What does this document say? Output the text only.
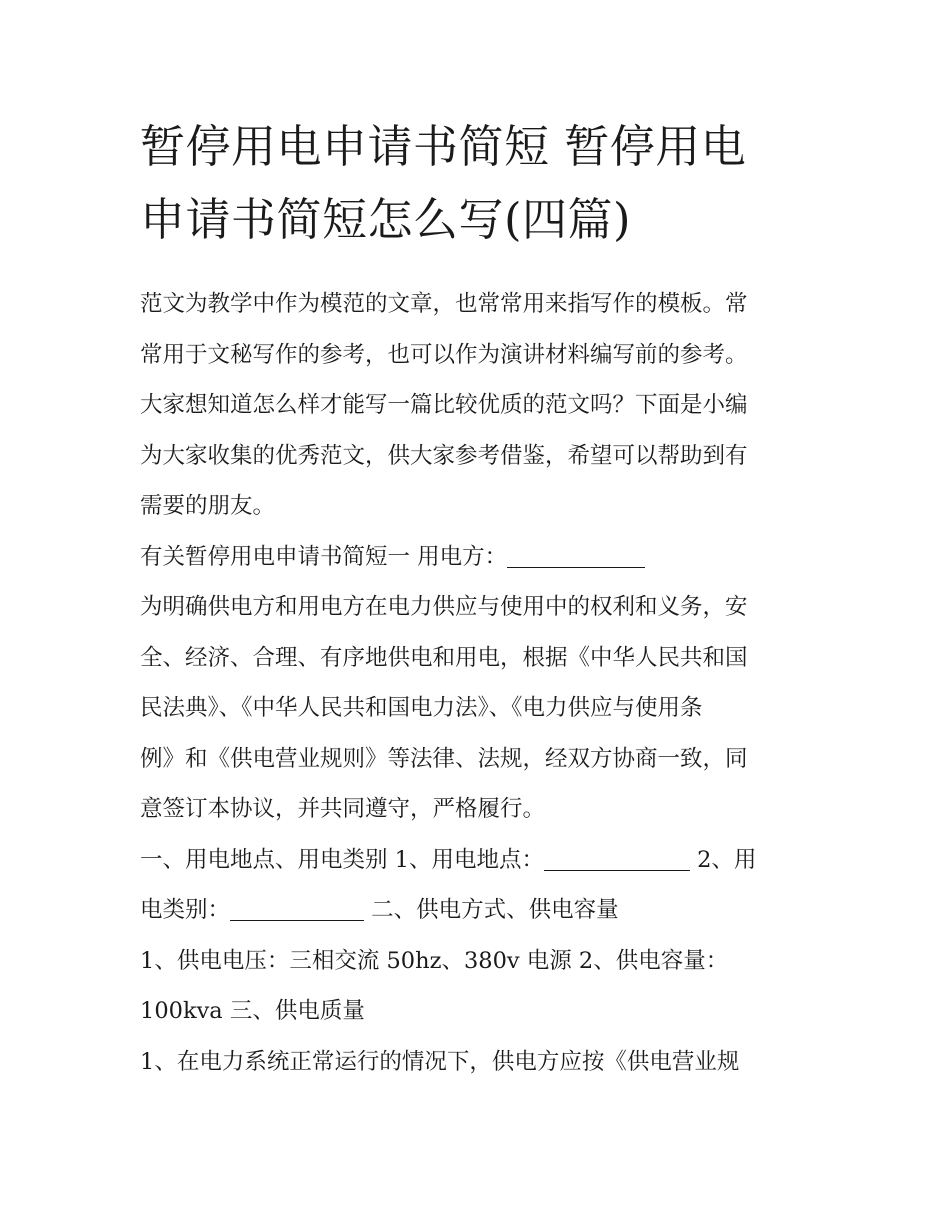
暂停用电申请书简短 暂停用电
申请书简短怎么写(四篇)
范文为教学中作为模范的文章，也常常用来指写作的模板。常
常用于文秘写作的参考，也可以作为演讲材料编写前的参考。
大家想知道怎么样才能写一篇比较优质的范文吗？下面是小编
为大家收集的优秀范文，供大家参考借鉴，希望可以帮助到有
需要的朋友。
有关暂停用电申请书简短一 用电方：
为明确供电方和用电方在电力供应与使用中的权利和义务，安
全、经济、合理、有序地供电和用电，根据《中华人民共和国
民法典》、《中华人民共和国电力法》、《电力供应与使用条
例》和《供电营业规则》等法律、法规，经双方协商一致，同
意签订本协议，并共同遵守，严格履行。
一、用电地点、用电类别 1、用电地点：	2、用
电类别：	二、供电方式、供电容量
1、供电电压：三相交流 50hz、380v 电源 2、供电容量：
100kva 三、供电质量
1、在电力系统正常运行的情况下，供电方应按《供电营业规
